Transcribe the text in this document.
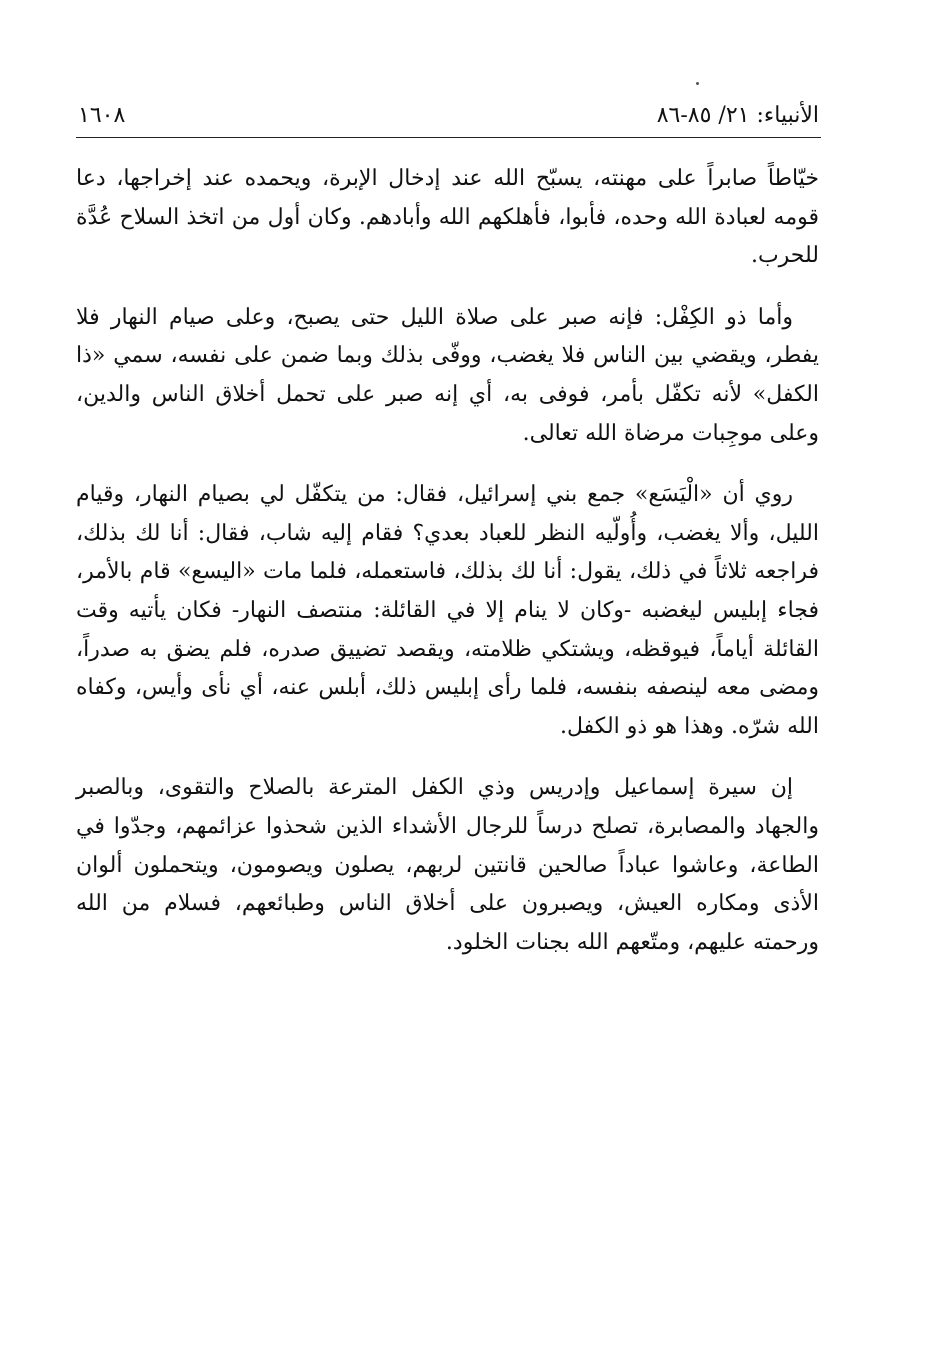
الأنبياء: ٢١/ ٨٥-٨٦
١٦٠٨

خيّاطاً صابراً على مهنته، يسبّح الله عند إدخال الإبرة، ويحمده عند إخراجها، دعا قومه لعبادة الله وحده، فأبوا، فأهلكهم الله وأبادهم. وكان أول من اتخذ السلاح عُدَّة للحرب.

وأما ذو الكِفْل: فإنه صبر على صلاة الليل حتى يصبح، وعلى صيام النهار فلا يفطر، ويقضي بين الناس فلا يغضب، ووفّى بذلك وبما ضمن على نفسه، سمي «ذا الكفل» لأنه تكفّل بأمر، فوفى به، أي إنه صبر على تحمل أخلاق الناس والدين، وعلى موجِبات مرضاة الله تعالى.

روي أن «الْيَسَع» جمع بني إسرائيل، فقال: من يتكفّل لي بصيام النهار، وقيام الليل، وألا يغضب، وأُولّيه النظر للعباد بعدي؟ فقام إليه شاب، فقال: أنا لك بذلك، فراجعه ثلاثاً في ذلك، يقول: أنا لك بذلك، فاستعمله، فلما مات «اليسع» قام بالأمر، فجاء إبليس ليغضبه -وكان لا ينام إلا في القائلة: منتصف النهار- فكان يأتيه وقت القائلة أياماً، فيوقظه، ويشتكي ظلامته، ويقصد تضييق صدره، فلم يضق به صدراً، ومضى معه لينصفه بنفسه، فلما رأى إبليس ذلك، أبلس عنه، أي نأى وأيس، وكفاه الله شرّه. وهذا هو ذو الكفل.

إن سيرة إسماعيل وإدريس وذي الكفل المترعة بالصلاح والتقوى، وبالصبر والجهاد والمصابرة، تصلح درساً للرجال الأشداء الذين شحذوا عزائمهم، وجدّوا في الطاعة، وعاشوا عباداً صالحين قانتين لربهم، يصلون ويصومون، ويتحملون ألوان الأذى ومكاره العيش، ويصبرون على أخلاق الناس وطبائعهم، فسلام من الله ورحمته عليهم، ومتّعهم الله بجنات الخلود.
